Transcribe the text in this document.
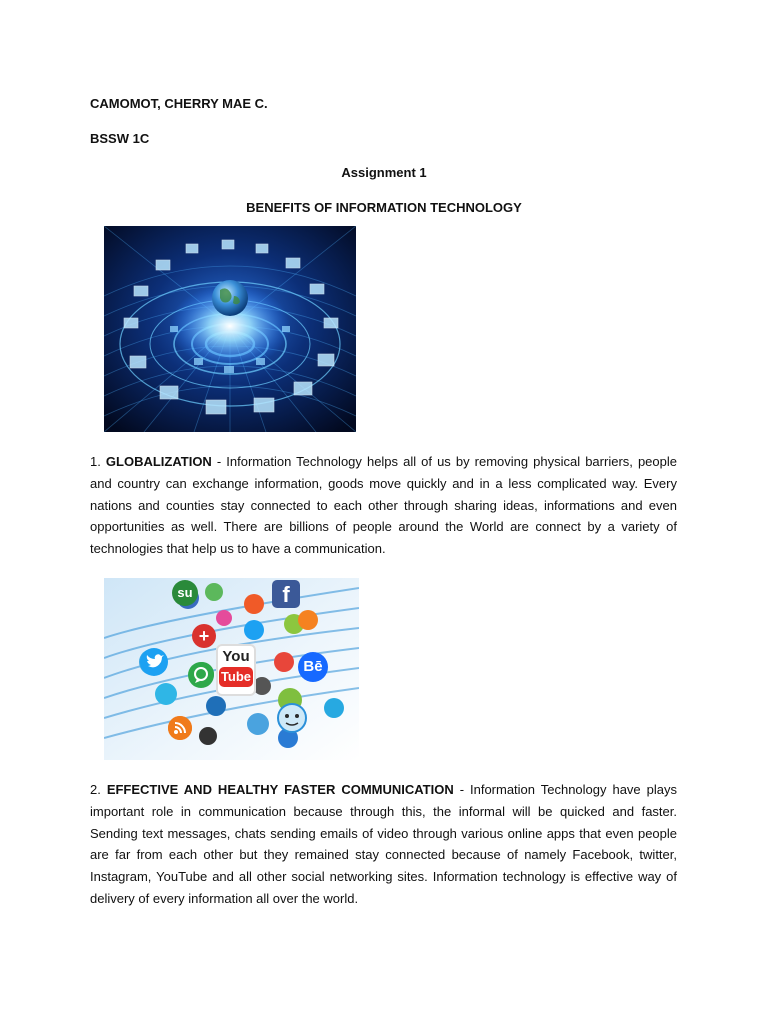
CAMOMOT, CHERRY MAE C.
BSSW 1C
Assignment 1
BENEFITS OF INFORMATION TECHNOLOGY
1. GLOBALIZATION - Information Technology helps all of us by removing physical barriers, people and country can exchange information, goods move quickly and in a less complicated way. Every nations and counties stay connected to each other through sharing ideas, informations and even opportunities as well. There are billions of people around the World are connect by a variety of technologies that help us to have a communication.
su	f
+
You
Tube
Bē
2. EFFECTIVE AND HEALTHY FASTER COMMUNICATION - Information Technology have plays important role in communication because through this, the informal will be quicked and faster. Sending text messages, chats sending emails of video through various online apps that even people are far from each other but they remained stay connected because of namely Facebook, twitter, Instagram, YouTube and all other social networking sites. Information technology is effective way of delivery of every information all over the world.
